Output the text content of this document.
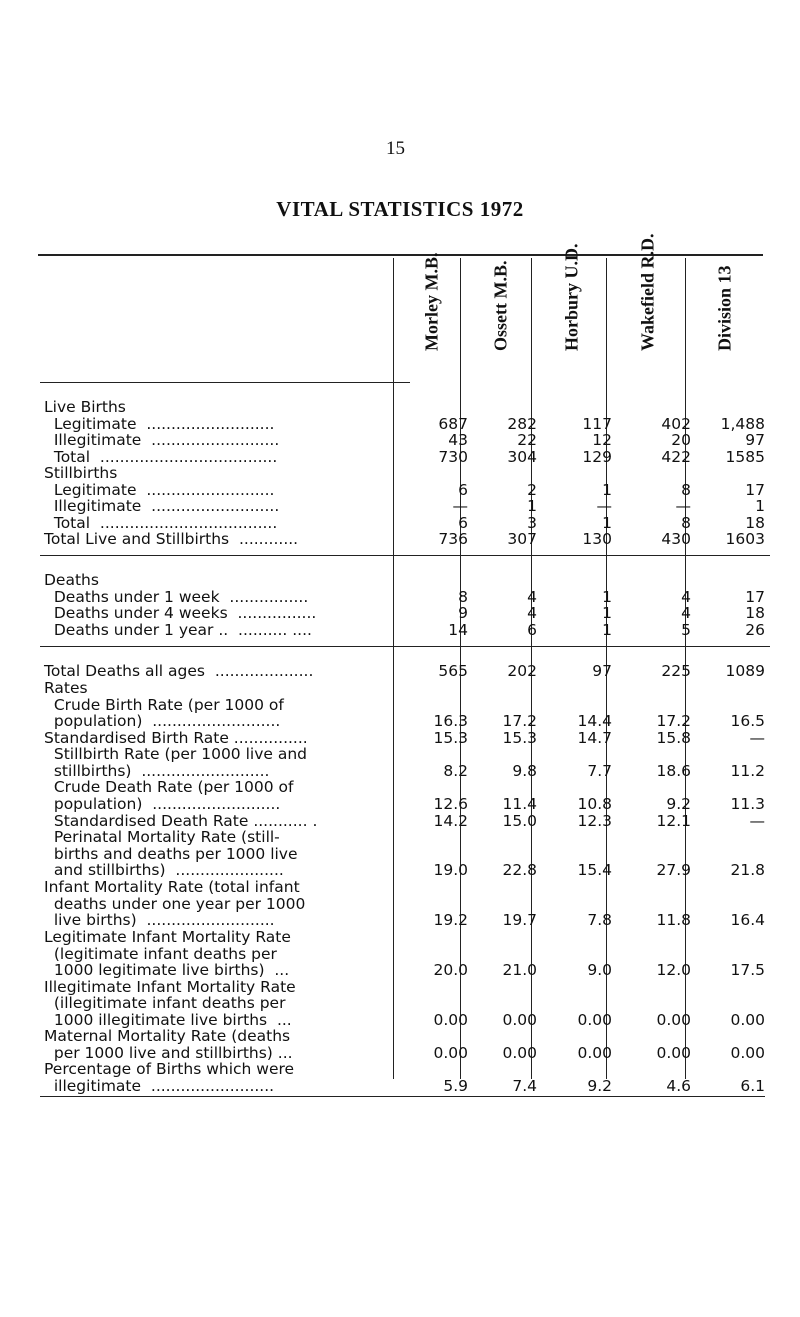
15
VITAL STATISTICS 1972
Morley M.B.	Ossett M.B.	Horbury U.D.	Wakefield R.D.	Division 13
Live Births
Legitimate  ..........................	687	282	117	402	1,488
Illegitimate  ..........................	43	22	12	20	97
Total  ....................................	730	304	129	422	1585
Stillbirths
Legitimate  ..........................	6	2	1	8	17
Illegitimate  ..........................	—	1	—	—	1
Total  ....................................	6	3	1	8	18
Total Live and Stillbirths  ............	736	307	130	430	1603
Deaths
Deaths under 1 week  ................	8	4	1	4	17
Deaths under 4 weeks  ................	9	4	1	4	18
Deaths under 1 year ..  .......... ....	14	6	1	5	26
Total Deaths all ages  ....................	565	202	97	225	1089
Rates
Crude Birth Rate (per 1000 of
population)  ..........................	16.3	17.2	14.4	17.2	16.5
Standardised Birth Rate ...............	15.3	15.3	14.7	15.8	—
Stillbirth Rate (per 1000 live and
stillbirths)  ..........................	8.2	9.8	7.7	18.6	11.2
Crude Death Rate (per 1000 of
population)  ..........................	12.6	11.4	10.8	9.2	11.3
Standardised Death Rate ........... .	14.2	15.0	12.3	12.1	—
Perinatal Mortality Rate (still-
births and deaths per 1000 live
and stillbirths)  ......................	19.0	22.8	15.4	27.9	21.8
Infant Mortality Rate (total infant
deaths under one year per 1000
live births)  ..........................	19.2	19.7	7.8	11.8	16.4
Legitimate Infant Mortality Rate
(legitimate infant deaths per
1000 legitimate live births)  ...	20.0	21.0	9.0	12.0	17.5
Illegitimate Infant Mortality Rate
(illegitimate infant deaths per
1000 illegitimate live births  ...	0.00	0.00	0.00	0.00	0.00
Maternal Mortality Rate (deaths
per 1000 live and stillbirths) ...	0.00	0.00	0.00	0.00	0.00
Percentage of Births which were
illegitimate  .........................	5.9	7.4	9.2	4.6	6.1
